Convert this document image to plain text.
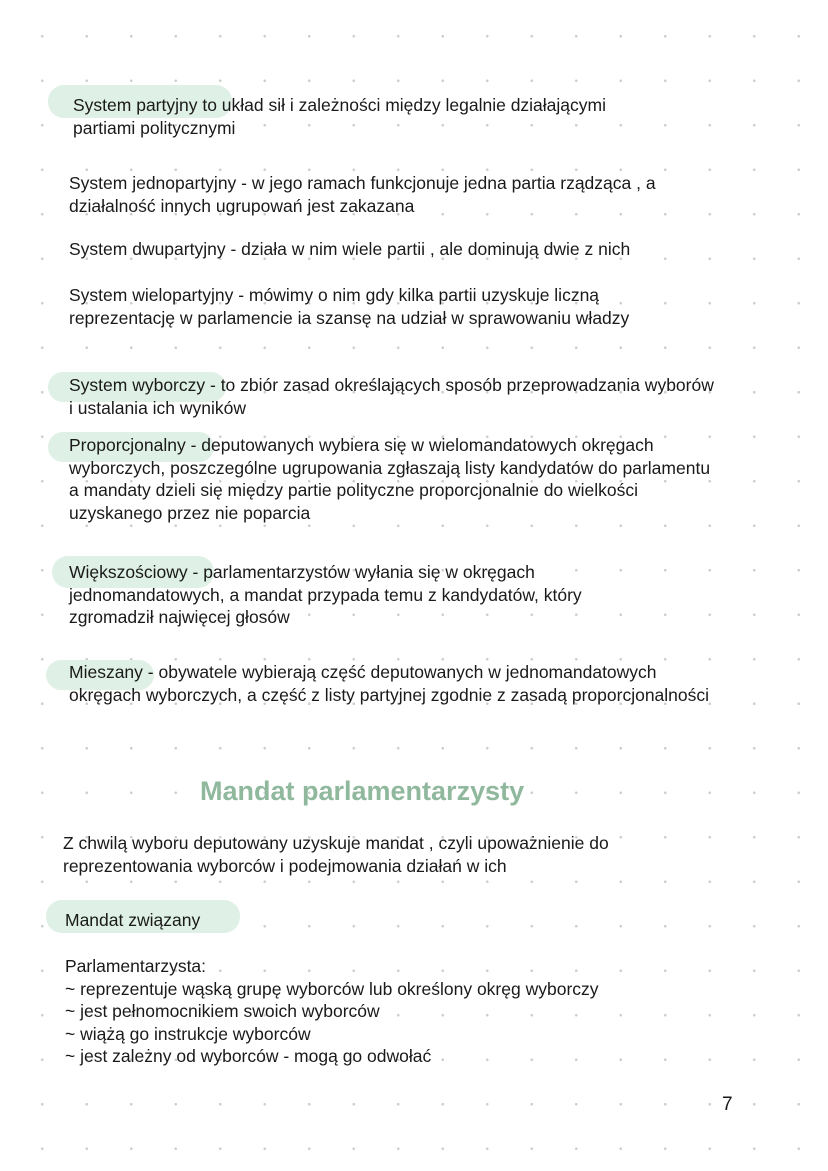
System partyjny to układ sił i zależności między legalnie działającymi partiami politycznymi

System jednopartyjny - w jego ramach funkcjonuje jedna partia rządząca , a działalność innych ugrupowań jest zakazana

System dwupartyjny - działa w nim wiele partii , ale dominują dwie z nich

System wielopartyjny - mówimy o nim gdy kilka partii uzyskuje liczną reprezentację w parlamencie ia szansę na udział w sprawowaniu władzy

System wyborczy - to zbiór zasad określających sposób przeprowadzania wyborów i ustalania ich wyników

Proporcjonalny - deputowanych wybiera się w wielomandatowych okręgach wyborczych, poszczególne ugrupowania zgłaszają listy kandydatów do parlamentu a mandaty dzieli się między partie polityczne proporcjonalnie do wielkości uzyskanego przez nie poparcia

Większościowy - parlamentarzystów wyłania się w okręgach jednomandatowych, a mandat przypada temu z kandydatów, który zgromadził najwięcej głosów

Mieszany - obywatele wybierają część deputowanych w jednomandatowych okręgach wyborczych, a część z listy partyjnej zgodnie z zasadą proporcjonalności

Mandat parlamentarzysty

Z chwilą wyboru deputowany uzyskuje mandat , czyli upoważnienie do reprezentowania wyborców i podejmowania działań w ich

Mandat związany

Parlamentarzysta:
~ reprezentuje wąską grupę wyborców lub określony okręg wyborczy
~ jest pełnomocnikiem swoich wyborców
~ wiążą go instrukcje wyborców
~ jest zależny od wyborców - mogą go odwołać
7
